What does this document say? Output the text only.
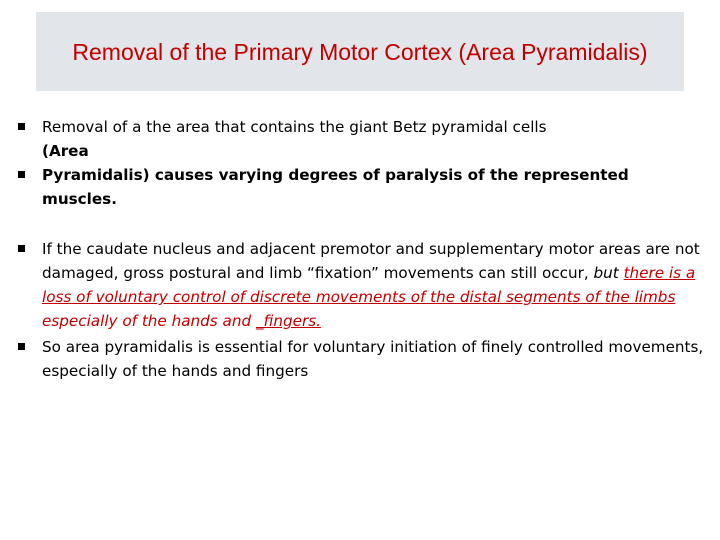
Removal of the Primary Motor Cortex (Area Pyramidalis)

Removal of a the area that contains the giant Betz pyramidal cells
(Area
Pyramidalis) causes varying degrees of paralysis of the represented muscles.
If the caudate nucleus and adjacent premotor and supplementary motor areas are not damaged, gross postural and limb “fixation” movements can still occur, but there is a loss of voluntary control of discrete movements of the distal segments of the limbs especially of the hands and _fingers.
So area pyramidalis is essential for voluntary initiation of finely controlled movements, especially of the hands and fingers
